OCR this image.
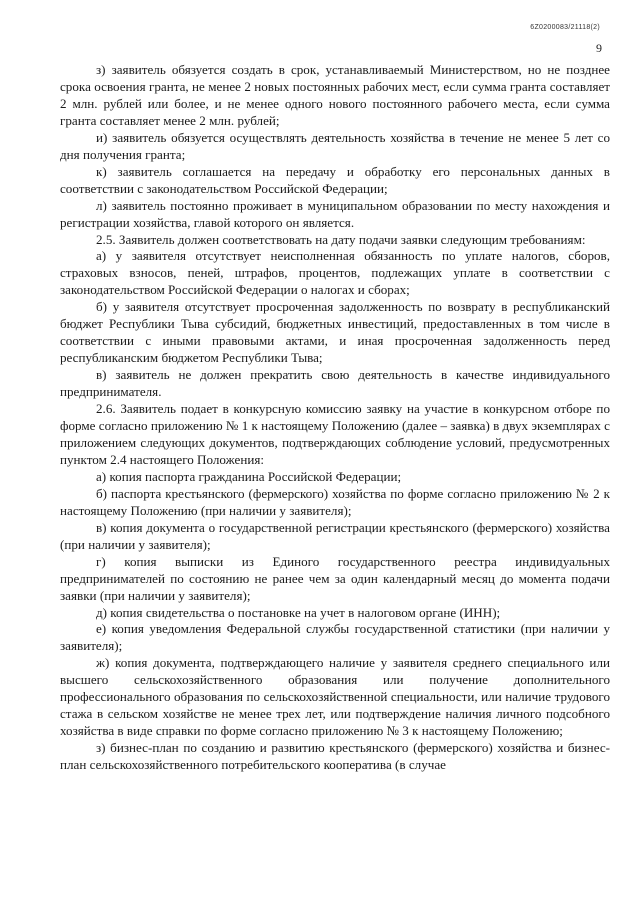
6Z0200083/21118(2)
9

з) заявитель обязуется создать в срок, устанавливаемый Министерством, но не позднее срока освоения гранта, не менее 2 новых постоянных рабочих мест, если сумма гранта составляет 2 млн. рублей или более, и не менее одного нового постоянного рабочего места, если сумма гранта составляет менее 2 млн. рублей;

и) заявитель обязуется осуществлять деятельность хозяйства в течение не менее 5 лет со дня получения гранта;

к) заявитель соглашается на передачу и обработку его персональных данных в соответствии с законодательством Российской Федерации;

л) заявитель постоянно проживает в муниципальном образовании по месту нахождения и регистрации хозяйства, главой которого он является.

2.5. Заявитель должен соответствовать на дату подачи заявки следующим требованиям:

а) у заявителя отсутствует неисполненная обязанность по уплате налогов, сборов, страховых взносов, пеней, штрафов, процентов, подлежащих уплате в соответствии с законодательством Российской Федерации о налогах и сборах;

б) у заявителя отсутствует просроченная задолженность по возврату в республиканский бюджет Республики Тыва субсидий, бюджетных инвестиций, предоставленных в том числе в соответствии с иными правовыми актами, и иная просроченная задолженность перед республиканским бюджетом Республики Тыва;

в) заявитель не должен прекратить свою деятельность в качестве индивидуального предпринимателя.

2.6. Заявитель подает в конкурсную комиссию заявку на участие в конкурсном отборе по форме согласно приложению № 1 к настоящему Положению (далее – заявка) в двух экземплярах с приложением следующих документов, подтверждающих соблюдение условий, предусмотренных пунктом 2.4 настоящего Положения:

а) копия паспорта гражданина Российской Федерации;

б) паспорта крестьянского (фермерского) хозяйства по форме согласно приложению № 2 к настоящему Положению (при наличии у заявителя);

в) копия документа о государственной регистрации крестьянского (фермерского) хозяйства (при наличии у заявителя);

г) копия выписки из Единого государственного реестра индивидуальных предпринимателей по состоянию не ранее чем за один календарный месяц до момента подачи заявки (при наличии у заявителя);

д) копия свидетельства о постановке на учет в налоговом органе (ИНН);

е) копия уведомления Федеральной службы государственной статистики (при наличии у заявителя);

ж) копия документа, подтверждающего наличие у заявителя среднего специального или высшего сельскохозяйственного образования или получение дополнительного профессионального образования по сельскохозяйственной специальности, или наличие трудового стажа в сельском хозяйстве не менее трех лет, или подтверждение наличия личного подсобного хозяйства в виде справки по форме согласно приложению № 3 к настоящему Положению;

з) бизнес-план по созданию и развитию крестьянского (фермерского) хозяйства и бизнес-план сельскохозяйственного потребительского кооператива (в случае
